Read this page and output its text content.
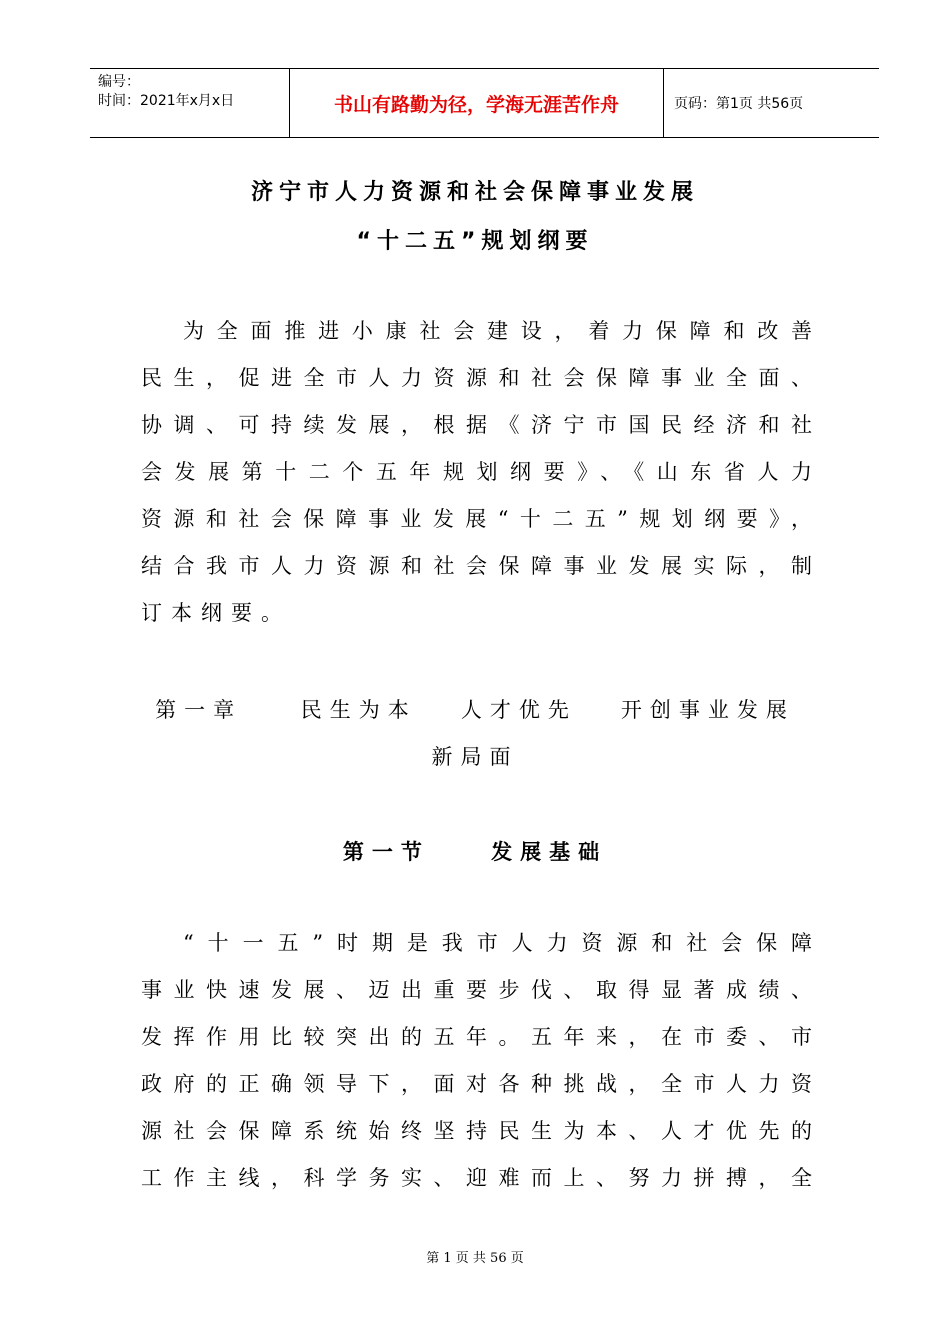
编号：
时间：2021年x月x日	书山有路勤为径，学海无涯苦作舟	页码：第1页 共56页
济宁市人力资源和社会保障事业发展
“十二五”规划纲要
为全面推进小康社会建设，着力保障和改善
民生，促进全市人力资源和社会保障事业全面、
协调、可持续发展，根据《济宁市国民经济和社
会发展第十二个五年规划纲要》、《山东省人力
资源和社会保障事业发展“十二五”规划纲要》，
结合我市人力资源和社会保障事业发展实际，制
订本纲要。
第一章    民生为本   人才优先   开创事业发展
新局面
第一节    发展基础
“十一五”时期是我市人力资源和社会保障
事业快速发展、迈出重要步伐、取得显著成绩、
发挥作用比较突出的五年。五年来，在市委、市
政府的正确领导下，面对各种挑战，全市人力资
源社会保障系统始终坚持民生为本、人才优先的
工作主线，科学务实、迎难而上、努力拼搏，全
第 1 页 共 56 页
